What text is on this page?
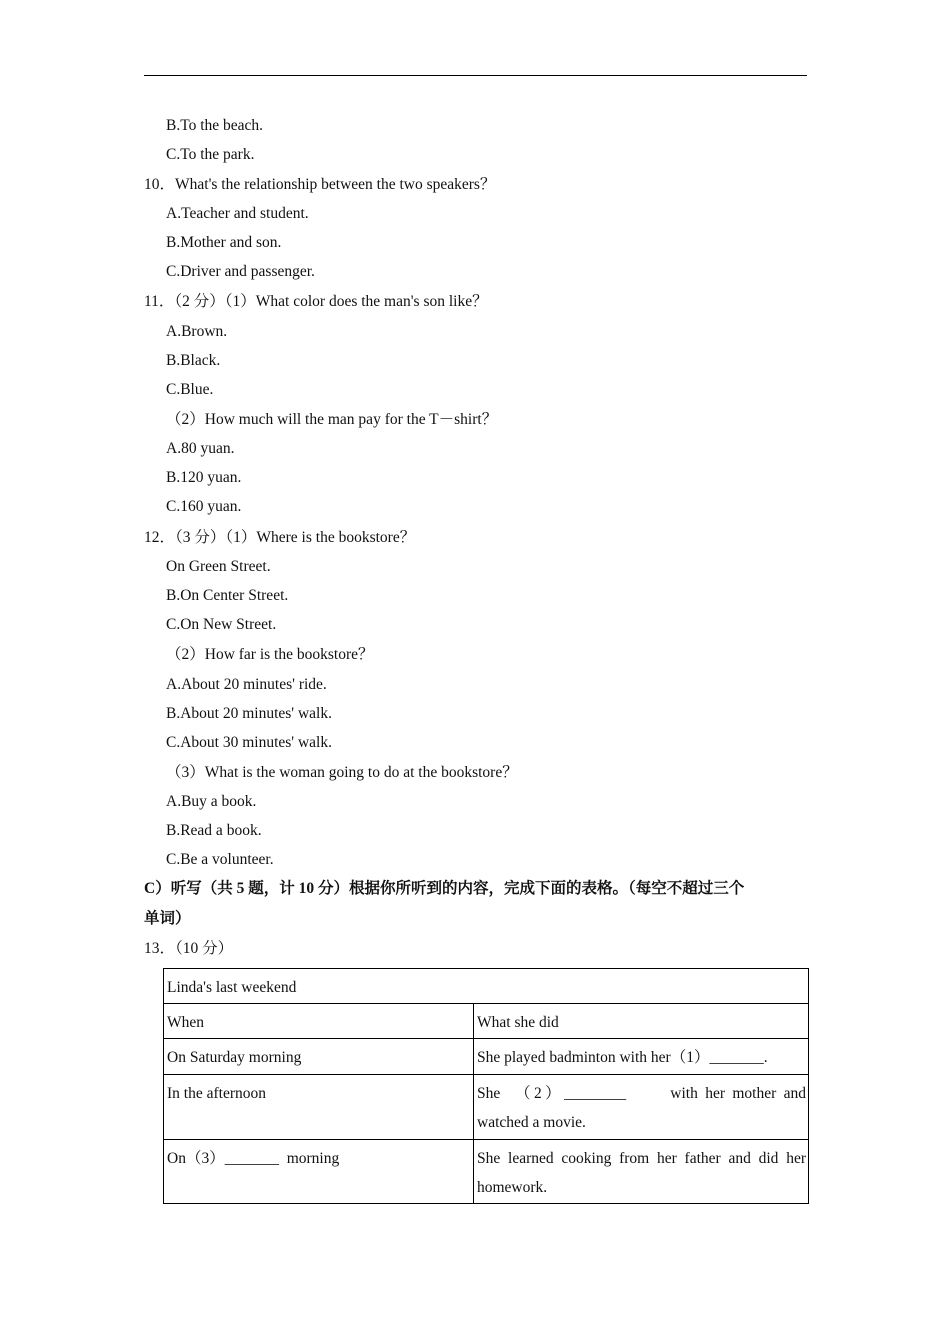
B.To the beach.
C.To the park.
10．What's the relationship between the two speakers？
A.Teacher and student.
B.Mother and son.
C.Driver and passenger.
11．（2 分）（1）What color does the man's son like？
A.Brown.
B.Black.
C.Blue.
（2）How much will the man pay for the T－shirt？
A.80 yuan.
B.120 yuan.
C.160 yuan.
12．（3 分）（1）Where is the bookstore？
On Green Street.
B.On Center Street.
C.On New Street.
（2）How far is the bookstore？
A.About 20 minutes' ride.
B.About 20 minutes' walk.
C.About 30 minutes' walk.
（3）What is the woman going to do at the bookstore？
A.Buy a book.
B.Read a book.
C.Be a volunteer.
C）听写（共 5 题，计 10 分）根据你所听到的内容，完成下面的表格。（每空不超过三个
单词）
13．（10 分）
Linda's last weekend	
When	What she did
On Saturday morning	She played badminton with her（1）_______.
In the afternoon	She  （2）________      with her mother and watched a movie.
On（3）_______  morning	She learned cooking from her father and did her homework.
